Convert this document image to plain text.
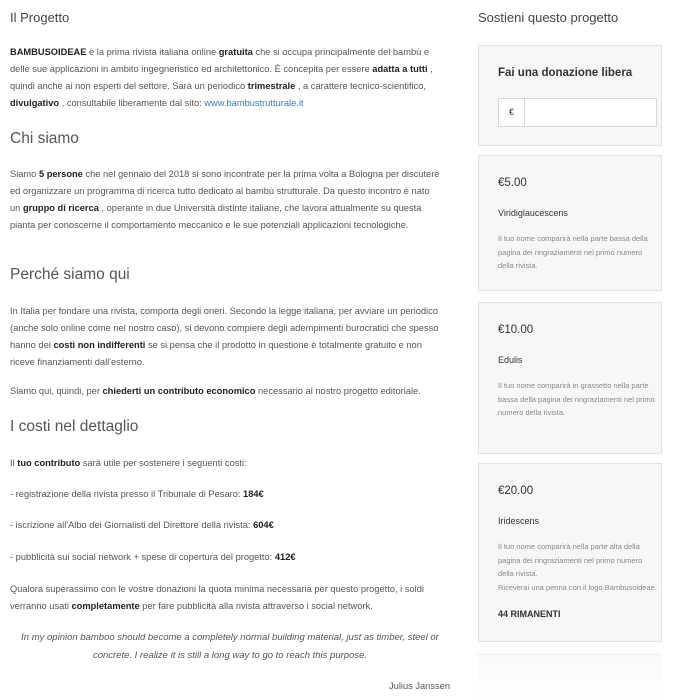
Il Progetto

BAMBUSOIDEAE è la prima rivista italiana online gratuita che si occupa principalmente del bambù e delle sue applicazioni in ambito ingegneristico ed architettonico. È concepita per essere adatta a tutti , quindi anche ai non esperti del settore. Sarà un periodico trimestrale , a carattere tecnico-scientifico, divulgativo , consultabile liberamente dal sito: www.bambustrutturale.it

Chi siamo

Siamo 5 persone che nel gennaio del 2018 si sono incontrate per la prima volta a Bologna per discutere ed organizzare un programma di ricerca tutto dedicato al bambù strutturale. Da questo incontro è nato un gruppo di ricerca , operante in due Università distinte italiane, che lavora attualmente su questa pianta per conoscerne il comportamento meccanico e le sue potenziali applicazioni tecnologiche.

Perché siamo qui

In Italia per fondare una rivista, comporta degli oneri. Secondo la legge italiana, per avviare un periodico (anche solo online come nel nostro caso), si devono compiere degli adempimenti burocratici che spesso hanno dei costi non indifferenti se si pensa che il prodotto in questione è totalmente gratuito e non riceve finanziamenti dall'esterno.

Siamo qui, quindi, per chiederti un contributo economico necessario al nostro progetto editoriale.

I costi nel dettaglio

Il tuo contributo sarà utile per sostenere i seguenti costi:

- registrazione della rivista presso il Tribunale di Pesaro: 184€

- iscrizione all'Albo dei Giornalisti del Direttore della rivista: 604€

- pubblicità sui social network + spese di copertura del progetto: 412€

Qualora superassimo con le vostre donazioni la quota minima necessaria per questo progetto, i soldi verranno usati completamente per fare pubblicità alla rivista attraverso i social network.

In my opinion bamboo should become a completely normal building material, just as timber, steel or concrete. I realize it is still a long way to go to reach this purpose.

Julius Janssen
Sostieni questo progetto
Fai una donazione libera
€
€5.00
Viridiglaucescens
Il tuo nome comparirà nella parte bassa della pagina dei ringraziamenti nel primo numero della rivista.
€10.00
Edulis
Il tuo nome comparirà in grassetto nella parte bassa della pagina dei ringraziamenti nel primo numero della rivista.
€20.00
Iridescens
Il tuo nome comparirà nella parte alta della pagina dei ringraziamenti nel primo numero della rivista.
Riceverai una penna con il logo Bambusoideae.
44 RIMANENTI
